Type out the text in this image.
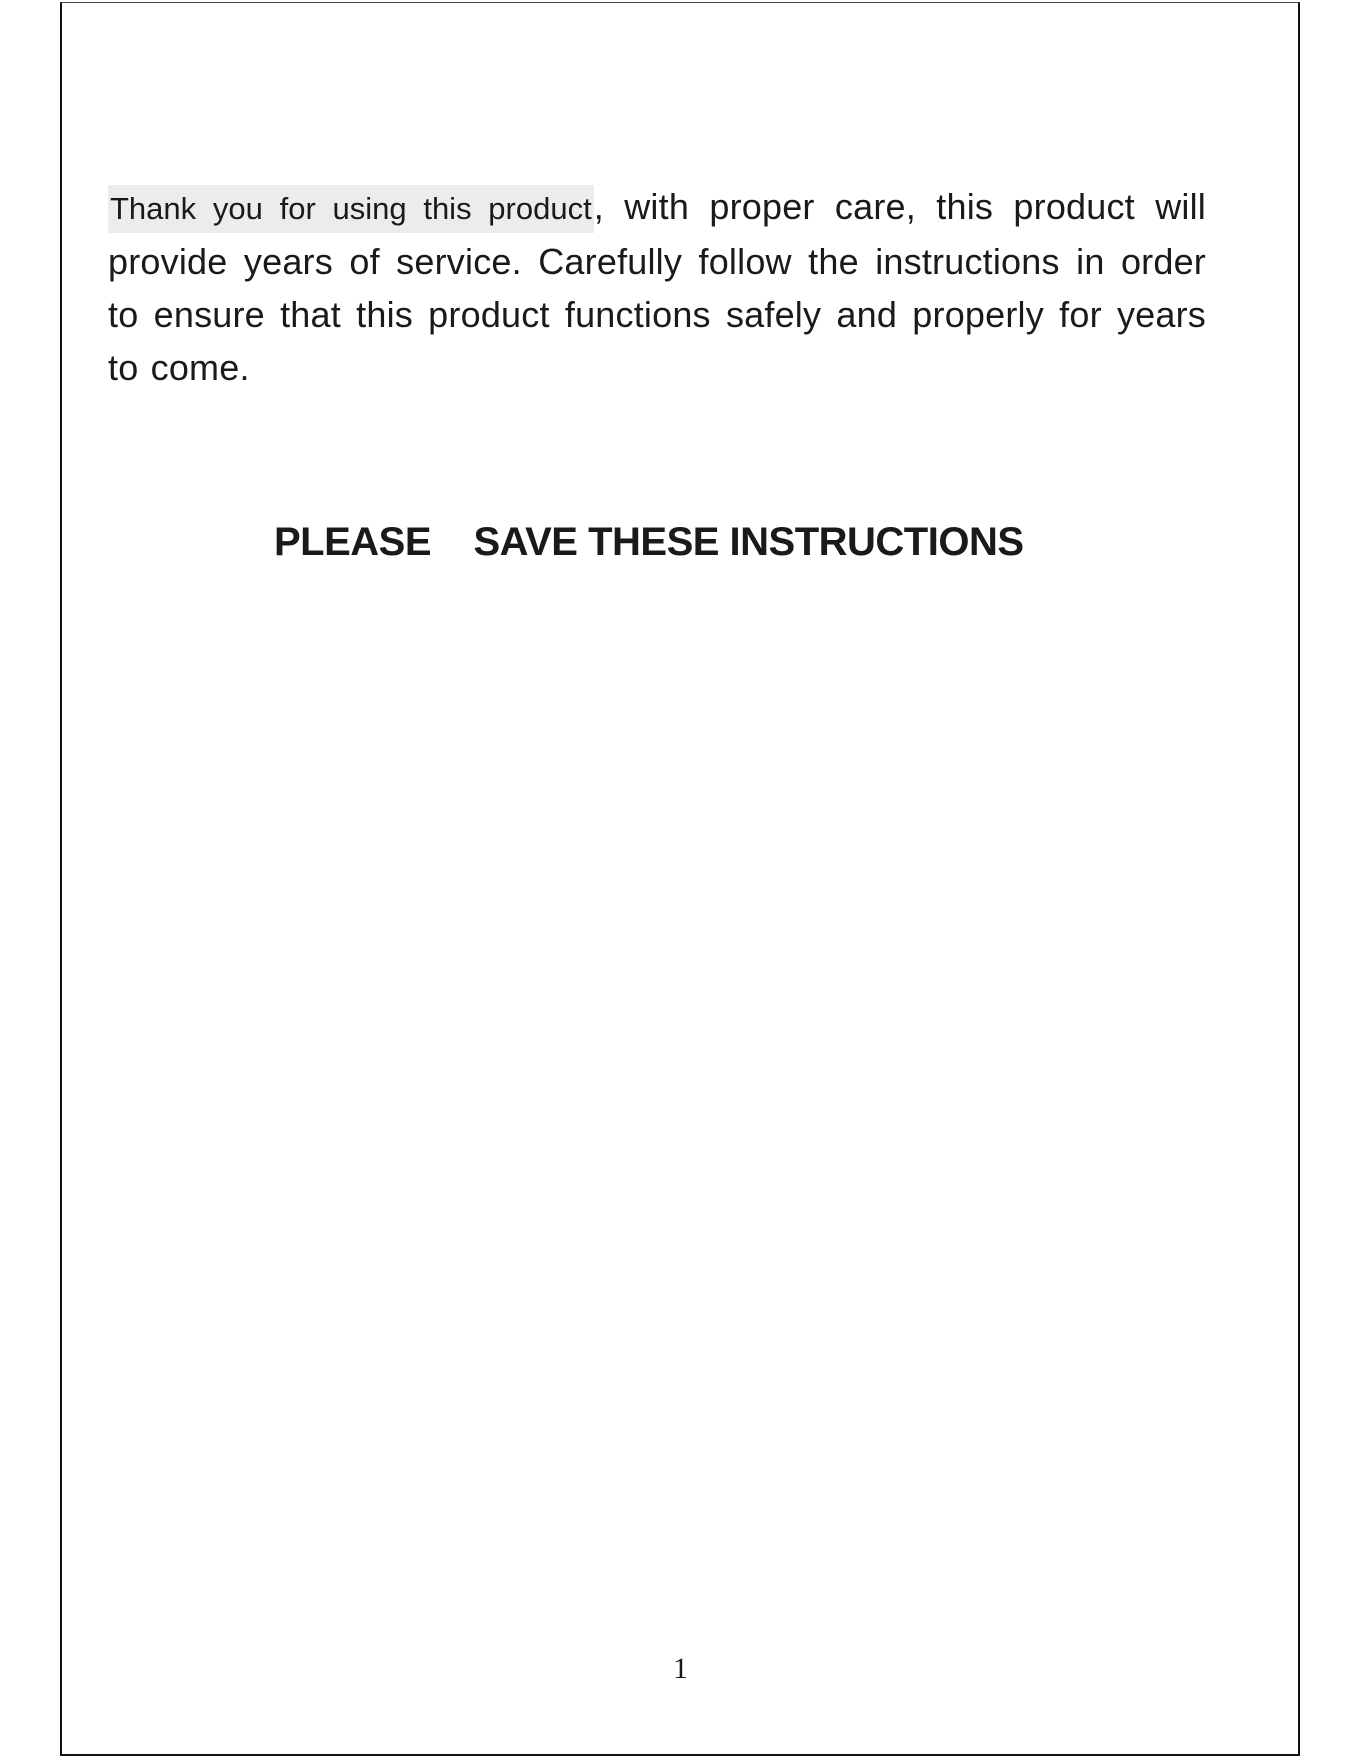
Thank you for using this product, with proper care, this product will provide years of service. Carefully follow the instructions in order to ensure that this product functions safely and properly for years to come.

PLEASE    SAVE THESE INSTRUCTIONS

1
